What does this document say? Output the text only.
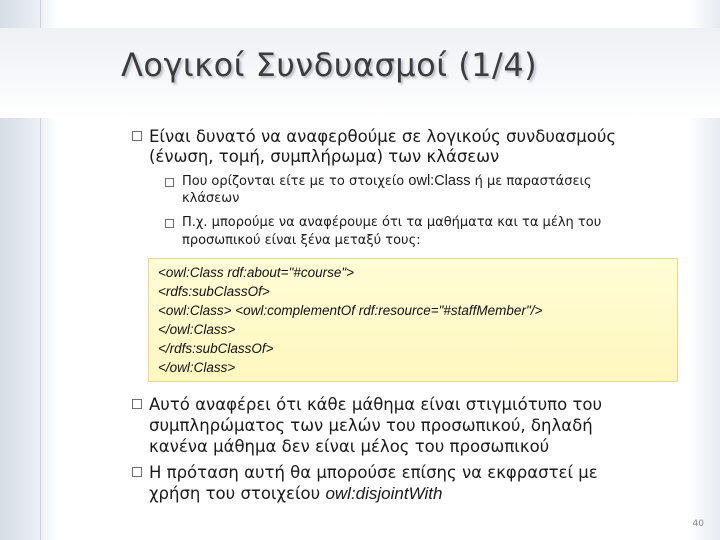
Λογικοί Συνδυασμοί (1/4)
Είναι δυνατό να αναφερθούμε σε λογικούς συνδυασμούς
(ένωση, τομή, συμπλήρωμα) των κλάσεων
Που ορίζονται είτε με το στοιχείο owl:Class ή με παραστάσεις
κλάσεων
Π.χ. μπορούμε να αναφέρουμε ότι τα μαθήματα και τα μέλη του
προσωπικού είναι ξένα μεταξύ τους:
<owl:Class rdf:about="#course">
<rdfs:subClassOf>
<owl:Class> <owl:complementOf rdf:resource="#staffMember"/>
</owl:Class>
</rdfs:subClassOf>
</owl:Class>
Αυτό αναφέρει ότι κάθε μάθημα είναι στιγμιότυπο του
συμπληρώματος των μελών του προσωπικού, δηλαδή
κανένα μάθημα δεν είναι μέλος του προσωπικού
Η πρόταση αυτή θα μπορούσε επίσης να εκφραστεί με
χρήση του στοιχείου owl:disjointWith
40
